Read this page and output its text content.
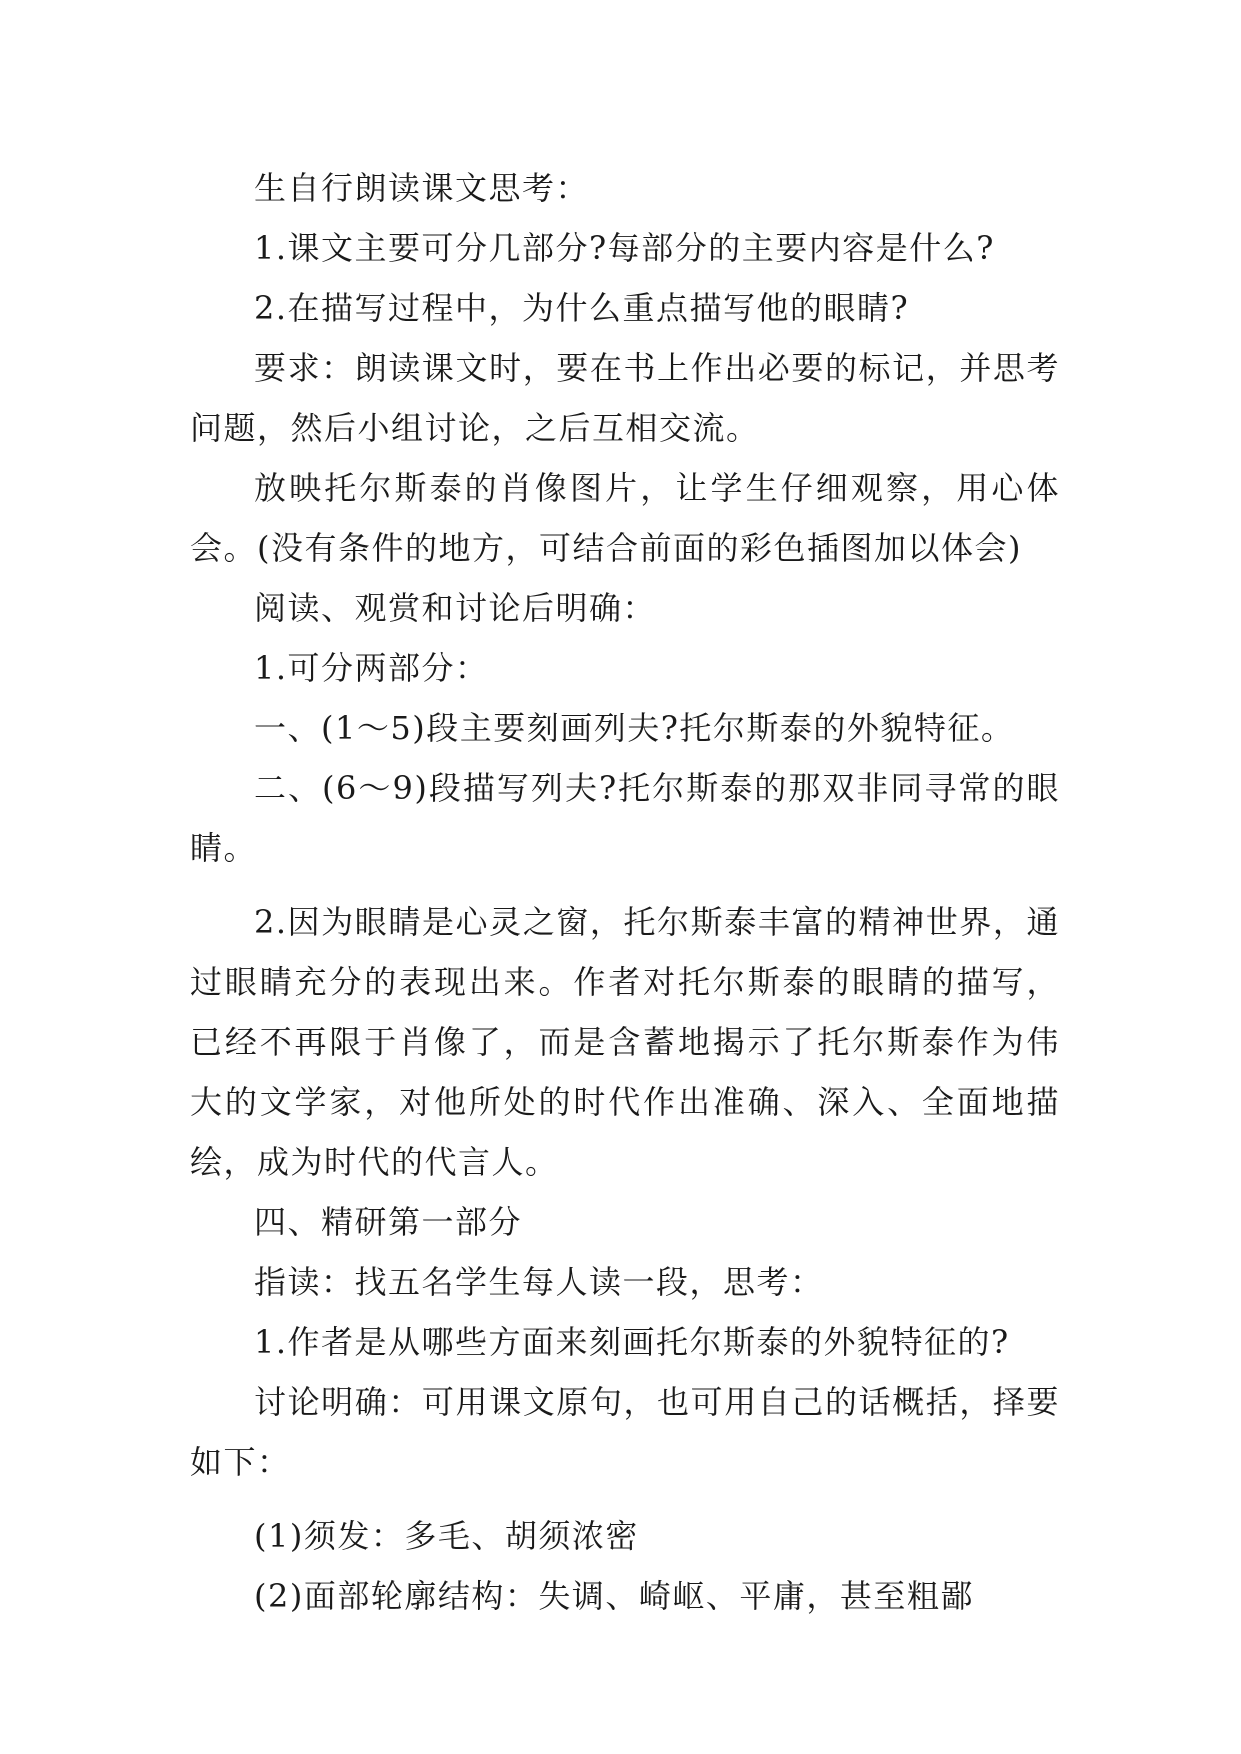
生自行朗读课文思考：

1.课文主要可分几部分?每部分的主要内容是什么?

2.在描写过程中，为什么重点描写他的眼睛?

要求：朗读课文时，要在书上作出必要的标记，并思考问题，然后小组讨论，之后互相交流。

放映托尔斯泰的肖像图片，让学生仔细观察，用心体会。(没有条件的地方，可结合前面的彩色插图加以体会)

阅读、观赏和讨论后明确：

1.可分两部分：

一、(1～5)段主要刻画列夫?托尔斯泰的外貌特征。

二、(6～9)段描写列夫?托尔斯泰的那双非同寻常的眼睛。

2.因为眼睛是心灵之窗，托尔斯泰丰富的精神世界，通过眼睛充分的表现出来。作者对托尔斯泰的眼睛的描写，已经不再限于肖像了，而是含蓄地揭示了托尔斯泰作为伟大的文学家，对他所处的时代作出准确、深入、全面地描绘，成为时代的代言人。

四、精研第一部分

指读：找五名学生每人读一段，思考：

1.作者是从哪些方面来刻画托尔斯泰的外貌特征的?

讨论明确：可用课文原句，也可用自己的话概括，择要如下：

(1)须发：多毛、胡须浓密

(2)面部轮廓结构：失调、崎岖、平庸，甚至粗鄙
